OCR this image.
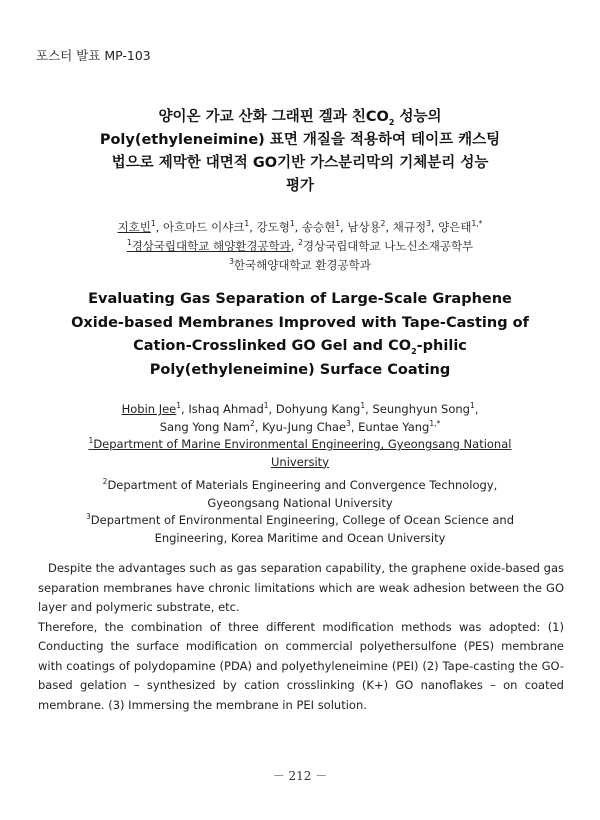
포스터 발표 MP-103
양이온 가교 산화 그래핀 겔과 친$CO_2$ 성능의
Poly(ethyleneimine) 표면 개질을 적용하여 테이프 캐스팅
법으로 제막한 대면적 GO기반 가스분리막의 기체분리 성능
평가
지호빈$^1$, 아흐마드 이샤크$^1$, 강도형$^1$, 송승현$^1$, 남상용$^2$, 채규정$^3$, 양은태$^{1,*}$
$^1$경상국립대학교 해양환경공학과, $^2$경상국립대학교 나노신소재공학부
$^3$한국해양대학교 환경공학과
Evaluating Gas Separation of Large-Scale Graphene
Oxide-based Membranes Improved with Tape-Casting of
Cation-Crosslinked GO Gel and $CO_2$-philic
Poly(ethyleneimine) Surface Coating
Hobin Jee$^1$, Ishaq Ahmad$^1$, Dohyung Kang$^1$, Seunghyun Song$^1$,
Sang Yong Nam$^2$, Kyu-Jung Chae$^3$, Euntae Yang$^{1,*}$
$^1$Department of Marine Environmental Engineering, Gyeongsang National
University
$^2$Department of Materials Engineering and Convergence Technology,
Gyeongsang National University
$^3$Department of Environmental Engineering, College of Ocean Science and
Engineering, Korea Maritime and Ocean University

Despite the advantages such as gas separation capability, the graphene oxide-based gas separation membranes have chronic limitations which are weak adhesion between the GO layer and polymeric substrate, etc.

Therefore, the combination of three different modification methods was adopted: (1) Conducting the surface modification on commercial polyethersulfone (PES) membrane with coatings of polydopamine (PDA) and polyethyleneimine (PEI) (2) Tape-casting the GO-based gelation – synthesized by cation crosslinking (K+) GO nanoflakes – on coated membrane. (3) Immersing the membrane in PEI solution.

－ 212 －
